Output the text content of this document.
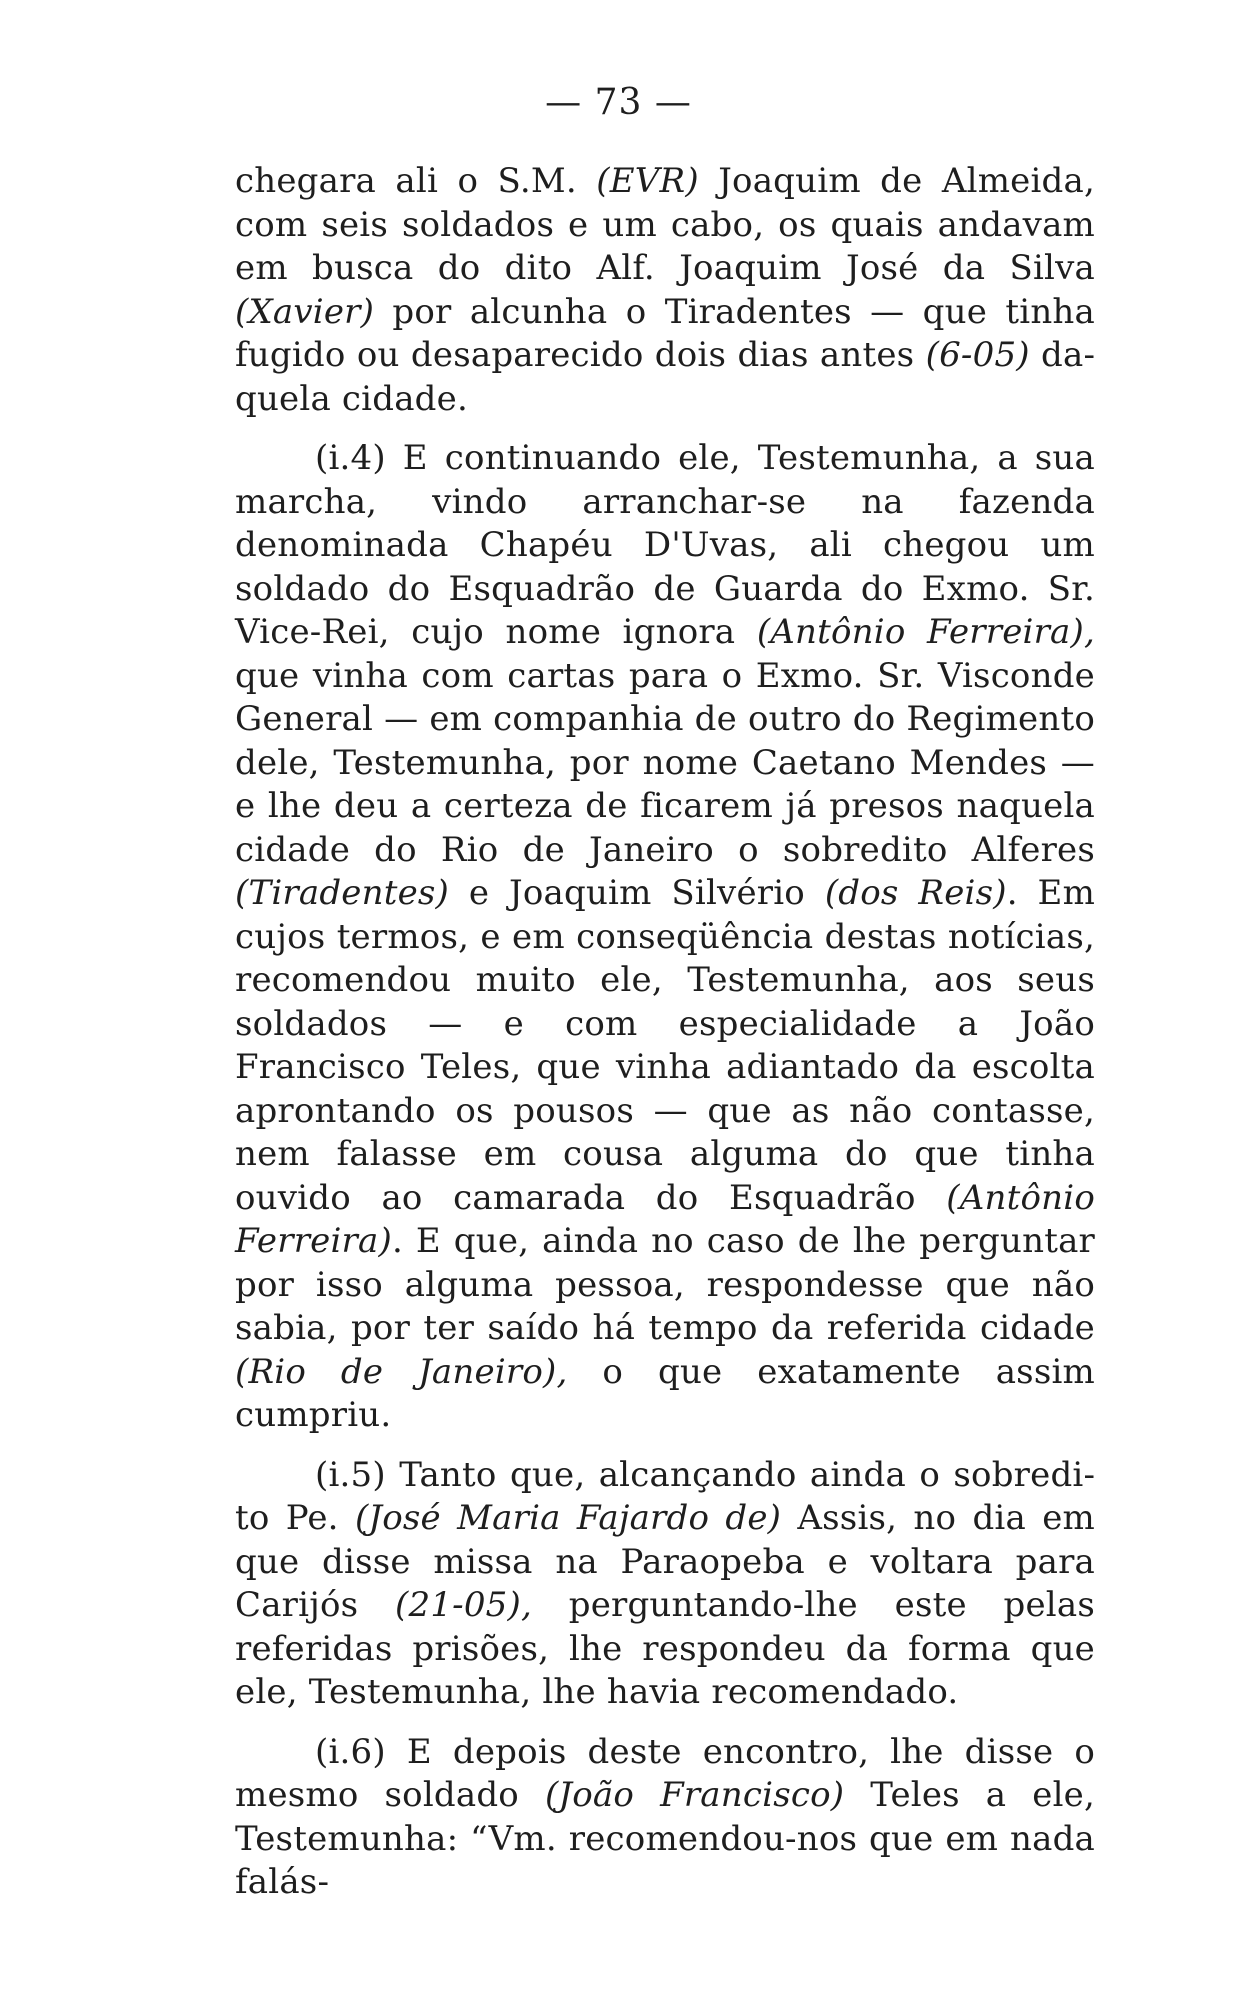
— 73 —

chegara ali o S.M. (EVR) Joaquim de Almeida, com seis soldados e um cabo, os quais andavam em busca do dito Alf. Joaquim José da Silva (Xavier) por alcunha o Tiradentes — que tinha fugido ou desaparecido dois dias antes (6-05) daquela cidade.

(i.4) E continuando ele, Testemunha, a sua marcha, vindo arranchar-se na fazenda denominada Chapéu D'Uvas, ali chegou um soldado do Esquadrão de Guarda do Exmo. Sr. Vice-Rei, cujo nome ignora (Antônio Ferreira), que vinha com cartas para o Exmo. Sr. Visconde General — em companhia de outro do Regimento dele, Testemunha, por nome Caetano Mendes — e lhe deu a certeza de ficarem já presos naquela cidade do Rio de Janeiro o sobredito Alferes (Tiradentes) e Joaquim Silvério (dos Reis). Em cujos termos, e em conseqüência destas notícias, recomendou muito ele, Testemunha, aos seus soldados — e com especialidade a João Francisco Teles, que vinha adiantado da escolta aprontando os pousos — que as não contasse, nem falasse em cousa alguma do que tinha ouvido ao camarada do Esquadrão (Antônio Ferreira). E que, ainda no caso de lhe perguntar por isso alguma pessoa, respondesse que não sabia, por ter saído há tempo da referida cidade (Rio de Janeiro), o que exatamente assim cumpriu.

(i.5) Tanto que, alcançando ainda o sobredito Pe. (José Maria Fajardo de) Assis, no dia em que disse missa na Paraopeba e voltara para Carijós (21-05), perguntando-lhe este pelas referidas prisões, lhe respondeu da forma que ele, Testemunha, lhe havia recomendado.

(i.6) E depois deste encontro, lhe disse o mesmo soldado (João Francisco) Teles a ele, Testemunha: “Vm. recomendou-nos que em nada falás-
